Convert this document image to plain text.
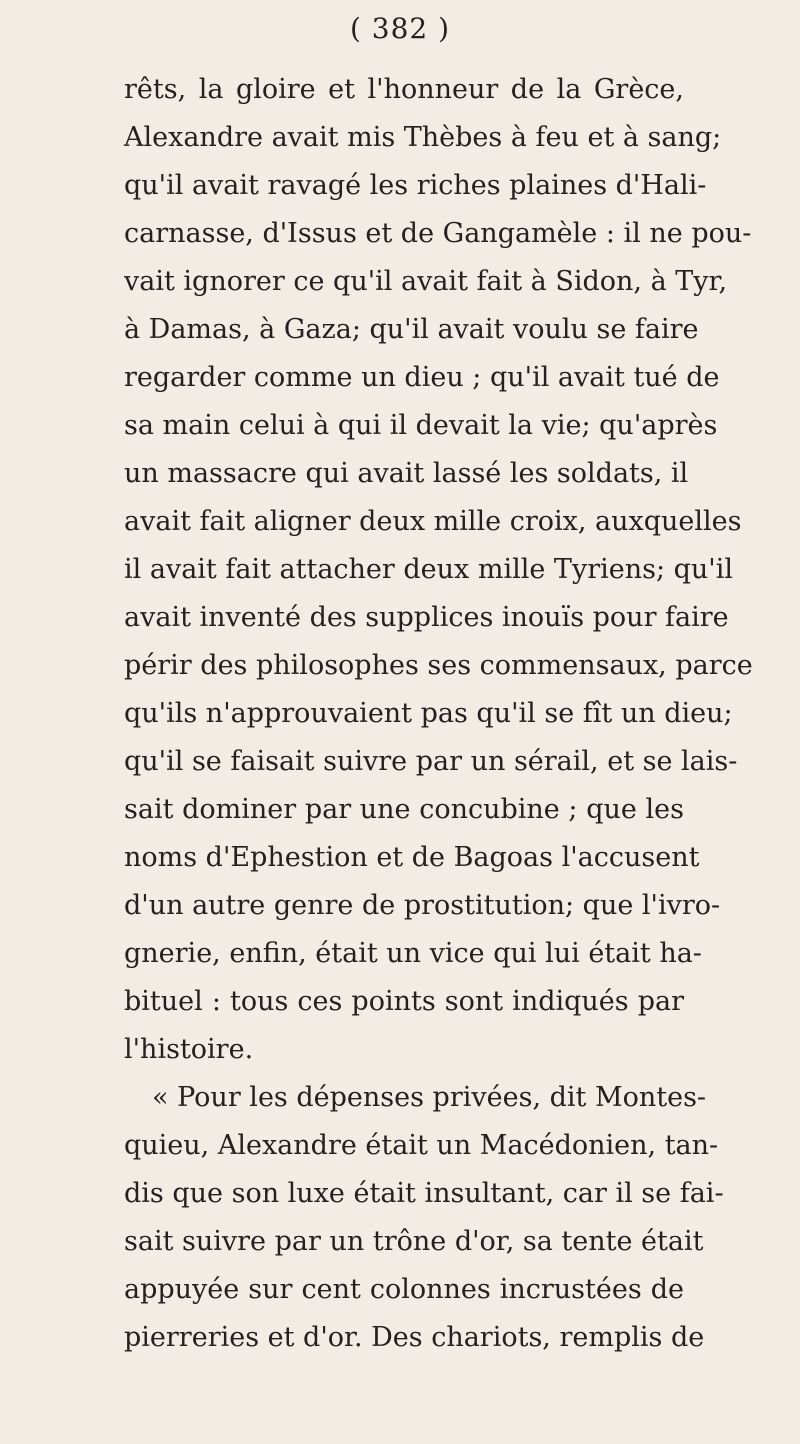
( 382 )
rêts, la gloire et l'honneur de la Grèce,
Alexandre avait mis Thèbes à feu et à sang;
qu'il avait ravagé les riches plaines d'Hali-
carnasse, d'Issus et de Gangamèle : il ne pou-
vait ignorer ce qu'il avait fait à Sidon, à Tyr,
à Damas, à Gaza; qu'il avait voulu se faire
regarder comme un dieu ; qu'il avait tué de
sa main celui à qui il devait la vie; qu'après
un massacre qui avait lassé les soldats, il
avait fait aligner deux mille croix, auxquelles
il avait fait attacher deux mille Tyriens; qu'il
avait inventé des supplices inouïs pour faire
périr des philosophes ses commensaux, parce
qu'ils n'approuvaient pas qu'il se fît un dieu;
qu'il se faisait suivre par un sérail, et se lais-
sait dominer par une concubine ; que les
noms d'Ephestion et de Bagoas l'accusent
d'un autre genre de prostitution; que l'ivro-
gnerie, enfin, était un vice qui lui était ha-
bituel : tous ces points sont indiqués par
l'histoire.
« Pour les dépenses privées, dit Montes-
quieu, Alexandre était un Macédonien, tan-
dis que son luxe était insultant, car il se fai-
sait suivre par un trône d'or, sa tente était
appuyée sur cent colonnes incrustées de
pierreries et d'or. Des chariots, remplis de
